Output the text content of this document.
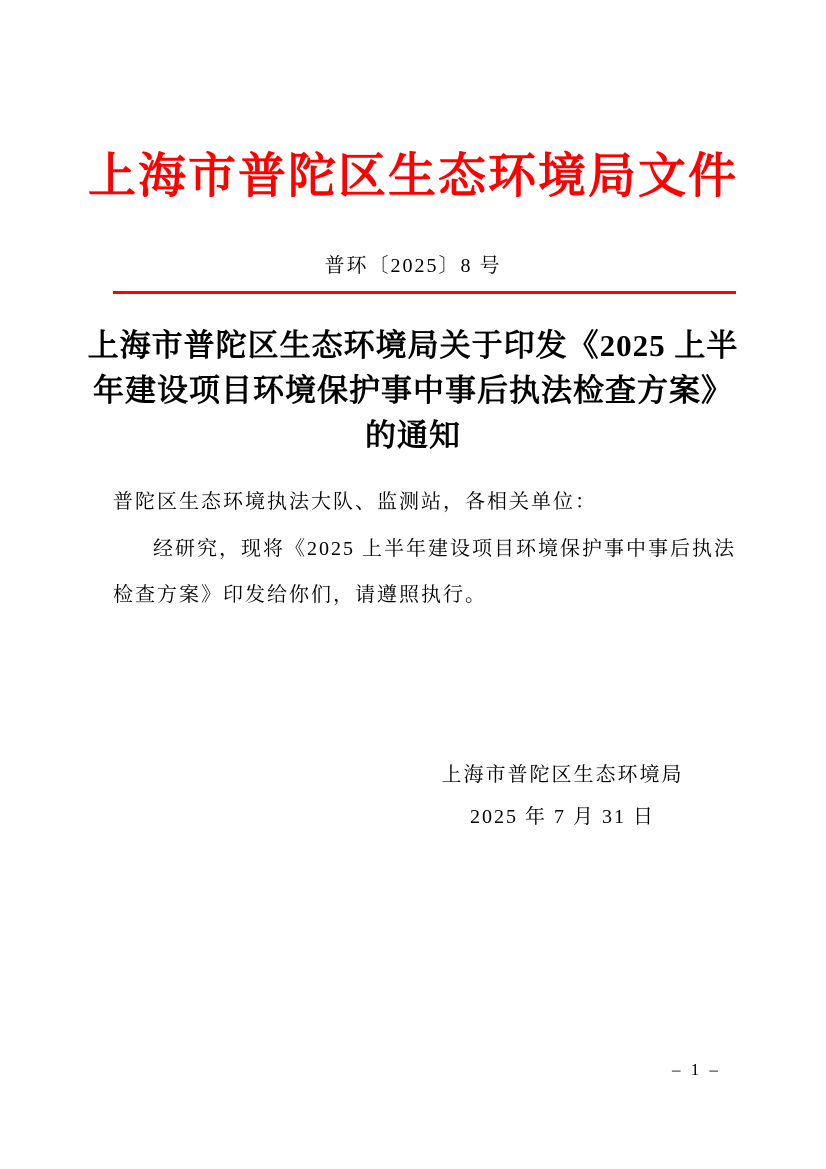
上海市普陀区生态环境局文件
普环〔2025〕8 号
上海市普陀区生态环境局关于印发《2025 上半
年建设项目环境保护事中事后执法检查方案》
的通知

普陀区生态环境执法大队、监测站，各相关单位：

经研究，现将《2025 上半年建设项目环境保护事中事后执法检查方案》印发给你们，请遵照执行。

上海市普陀区生态环境局
2025 年 7 月 31 日
– 1 –
